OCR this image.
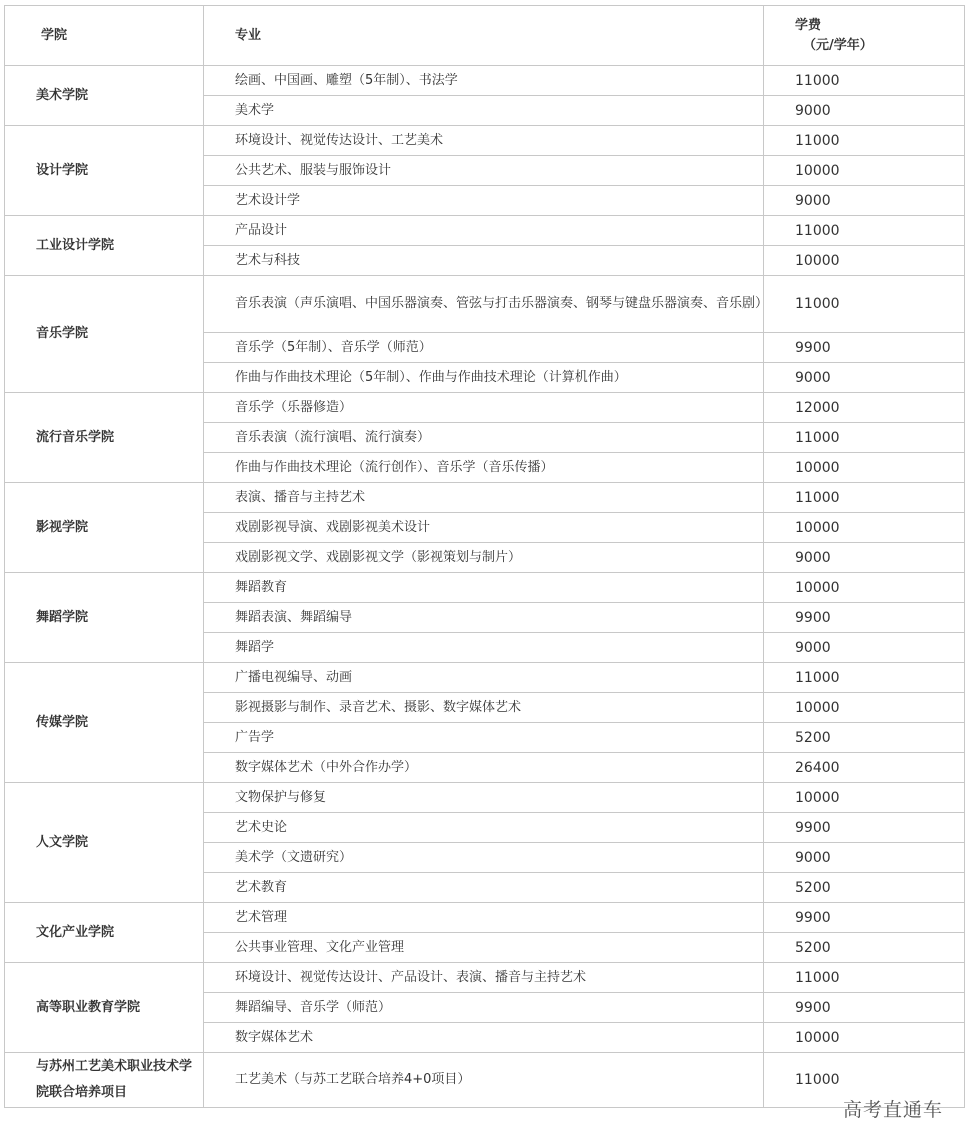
学院	专业	学费
（元/学年）

美术学院	绘画、中国画、雕塑（5年制）、书法学	11000
	美术学	9000
设计学院	环境设计、视觉传达设计、工艺美术	11000
	公共艺术、服装与服饰设计	10000
	艺术设计学	9000
工业设计学院	产品设计	11000
	艺术与科技	10000
音乐学院	音乐表演（声乐演唱、中国乐器演奏、管弦与打击乐器演奏、钢琴与键盘乐器演奏、音乐剧）	11000
	音乐学（5年制）、音乐学（师范）	9900
	作曲与作曲技术理论（5年制）、作曲与作曲技术理论（计算机作曲）	9000
流行音乐学院	音乐学（乐器修造）	12000
	音乐表演（流行演唱、流行演奏）	11000
	作曲与作曲技术理论（流行创作）、音乐学（音乐传播）	10000
影视学院	表演、播音与主持艺术	11000
	戏剧影视导演、戏剧影视美术设计	10000
	戏剧影视文学、戏剧影视文学（影视策划与制片）	9000
舞蹈学院	舞蹈教育	10000
	舞蹈表演、舞蹈编导	9900
	舞蹈学	9000
传媒学院	广播电视编导、动画	11000
	影视摄影与制作、录音艺术、摄影、数字媒体艺术	10000
	广告学	5200
	数字媒体艺术（中外合作办学）	26400
人文学院	文物保护与修复	10000
	艺术史论	9900
	美术学（文遗研究）	9000
	艺术教育	5200
文化产业学院	艺术管理	9900
	公共事业管理、文化产业管理	5200
高等职业教育学院	环境设计、视觉传达设计、产品设计、表演、播音与主持艺术	11000
	舞蹈编导、音乐学（师范）	9900
	数字媒体艺术	10000
与苏州工艺美术职业技术学院联合培养项目	工艺美术（与苏工艺联合培养4+0项目）	11000
高考直通车
